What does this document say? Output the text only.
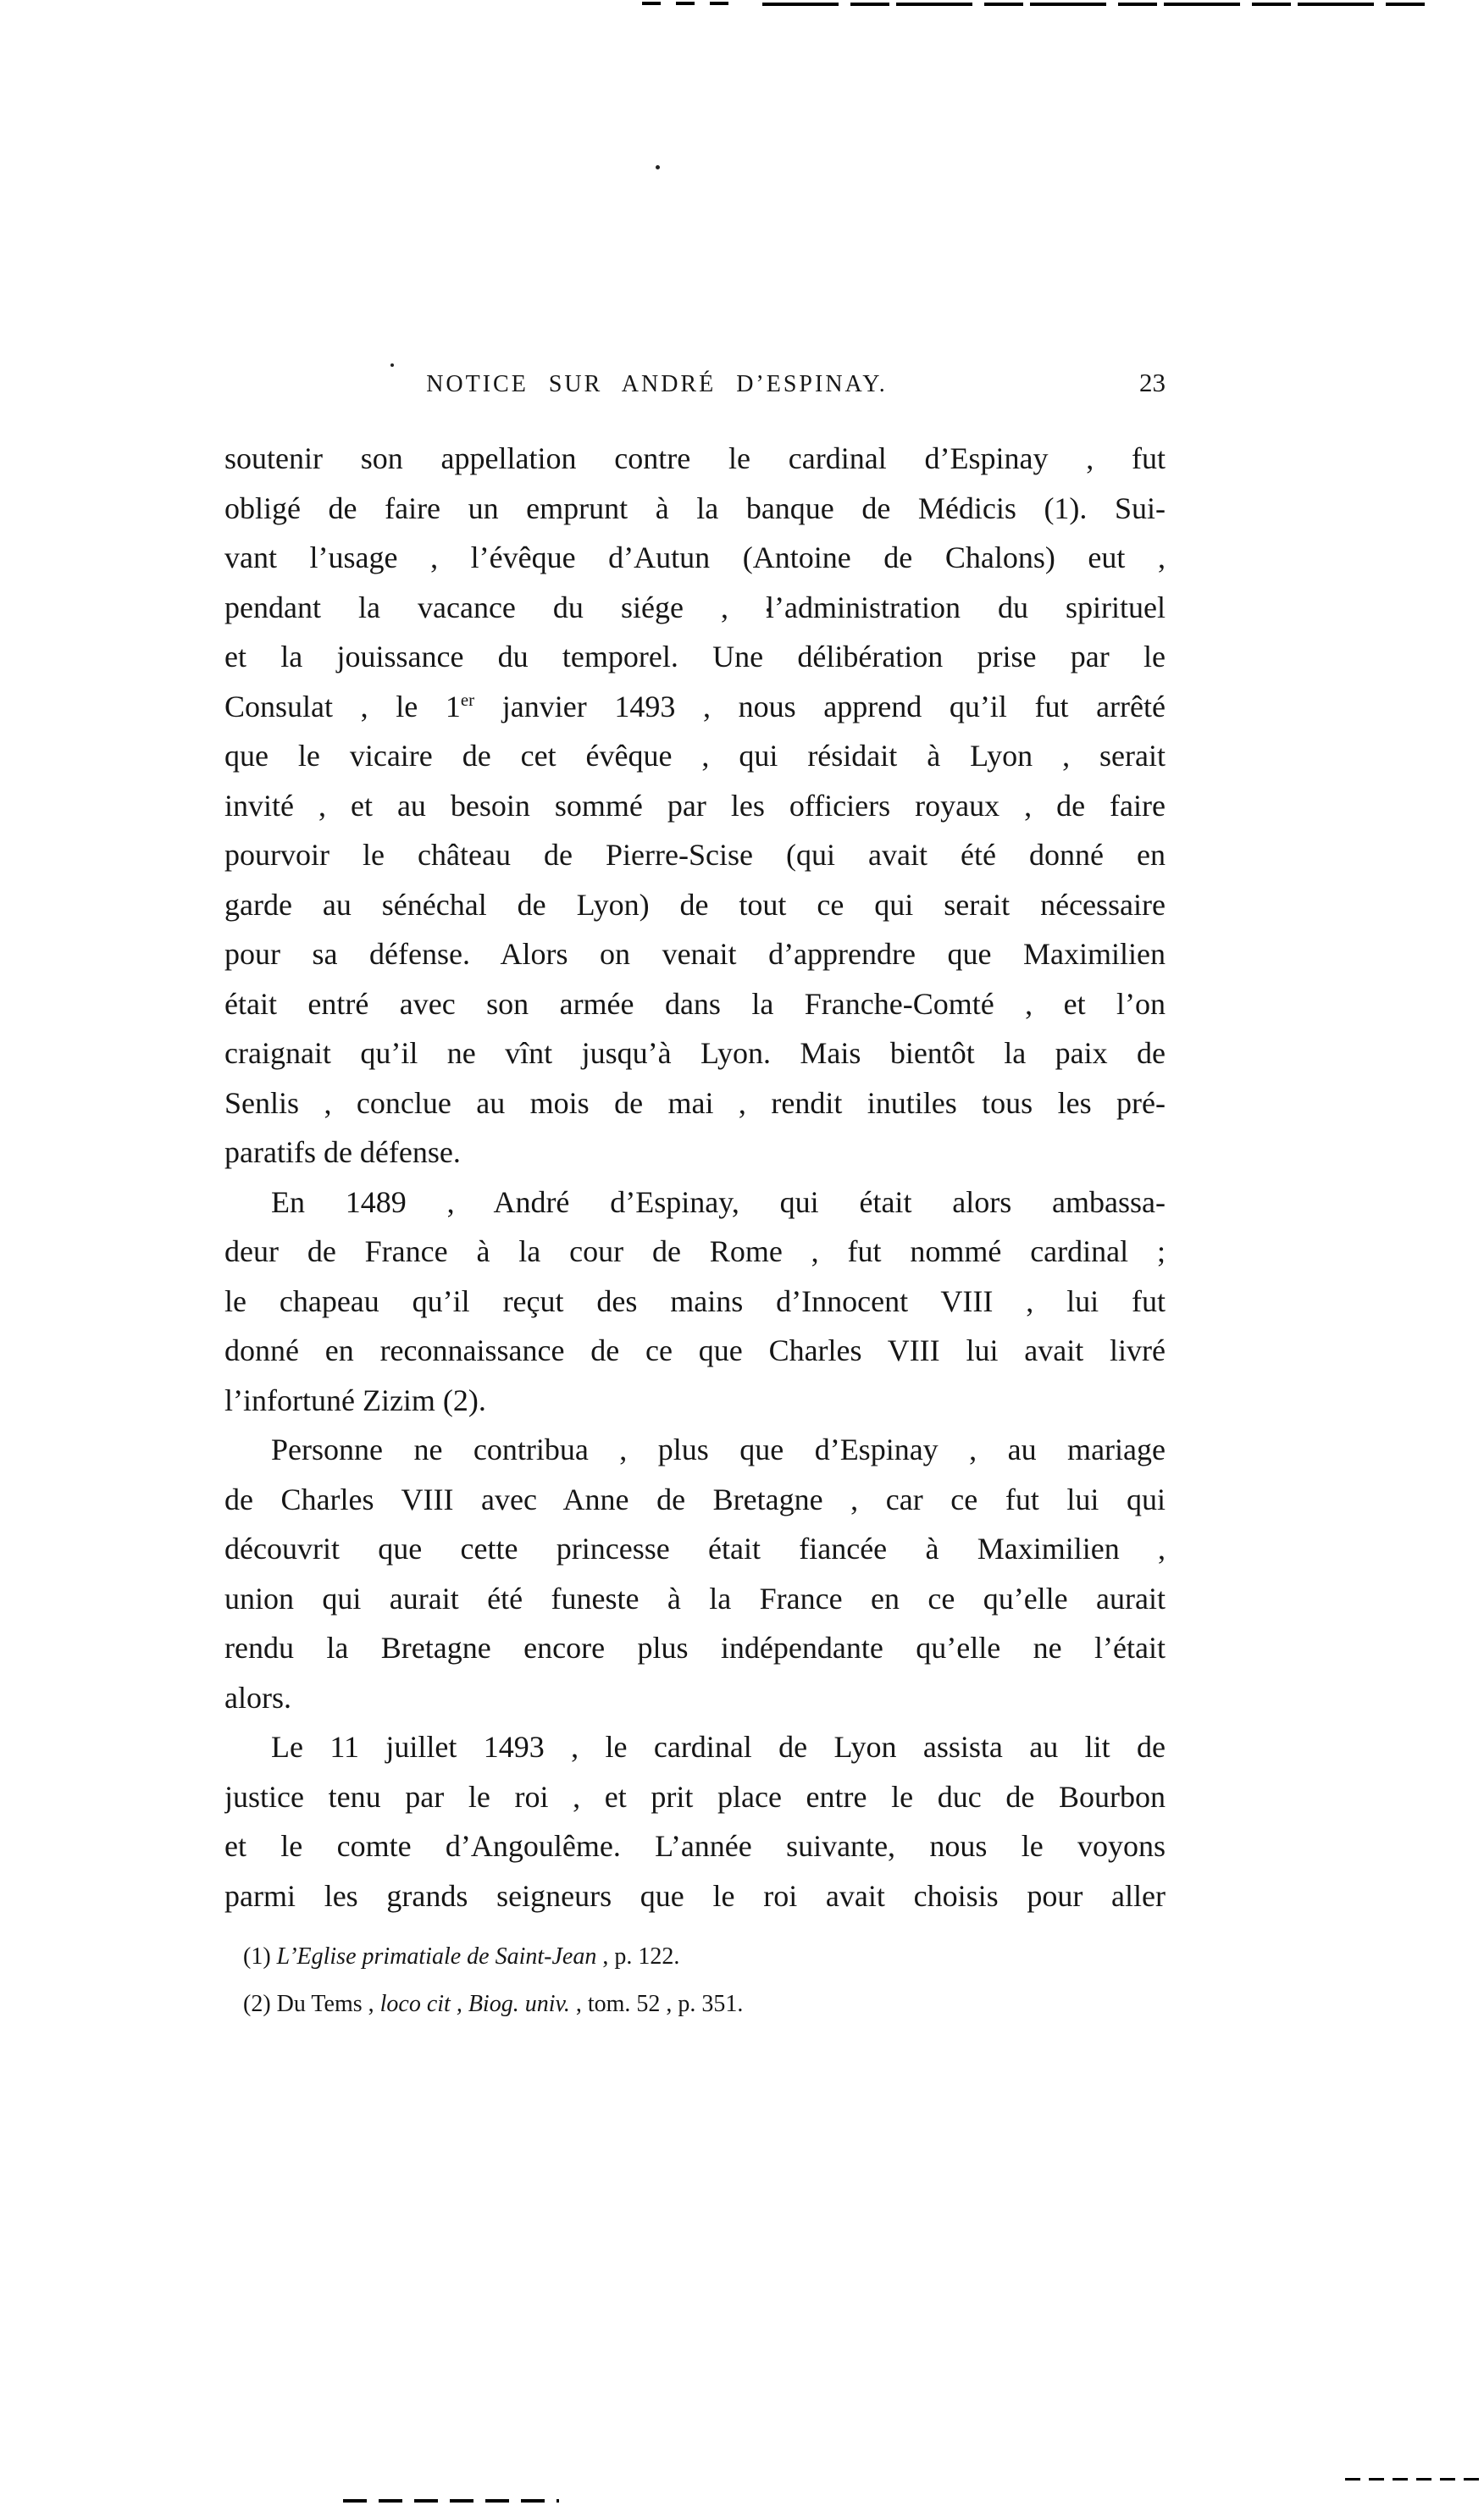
NOTICE SUR ANDRÉ D’ESPINAY.	23
soutenir son appellation contre le cardinal d’Espinay , fut
obligé de faire un emprunt à la banque de Médicis (1). Sui-
vant l’usage , l’évêque d’Autun (Antoine de Chalons) eut ,
pendant la vacance du siége , l’administration du spirituel
et la jouissance du temporel. Une délibération prise par le
Consulat , le 1er janvier 1493 , nous apprend qu’il fut arrêté
que le vicaire de cet évêque , qui résidait à Lyon , serait
invité , et au besoin sommé par les officiers royaux , de faire
pourvoir le château de Pierre-Scise (qui avait été donné en
garde au sénéchal de Lyon) de tout ce qui serait nécessaire
pour sa défense. Alors on venait d’apprendre que Maximilien
était entré avec son armée dans la Franche-Comté , et l’on
craignait qu’il ne vînt jusqu’à Lyon. Mais bientôt la paix de
Senlis , conclue au mois de mai , rendit inutiles tous les pré-
paratifs de défense.
En 1489 , André d’Espinay, qui était alors ambassa-
deur de France à la cour de Rome , fut nommé cardinal ;
le chapeau qu’il reçut des mains d’Innocent VIII , lui fut
donné en reconnaissance de ce que Charles VIII lui avait livré
l’infortuné Zizim (2).
Personne ne contribua , plus que d’Espinay , au mariage
de Charles VIII avec Anne de Bretagne , car ce fut lui qui
découvrit que cette princesse était fiancée à Maximilien ,
union qui aurait été funeste à la France en ce qu’elle aurait
rendu la Bretagne encore plus indépendante qu’elle ne l’était
alors.
Le 11 juillet 1493 , le cardinal de Lyon assista au lit de
justice tenu par le roi , et prit place entre le duc de Bourbon
et le comte d’Angoulême. L’année suivante, nous le voyons
parmi les grands seigneurs que le roi avait choisis pour aller
(1) L’Eglise primatiale de Saint-Jean , p. 122.
(2) Du Tems , loco cit , Biog. univ. , tom. 52 , p. 351.
